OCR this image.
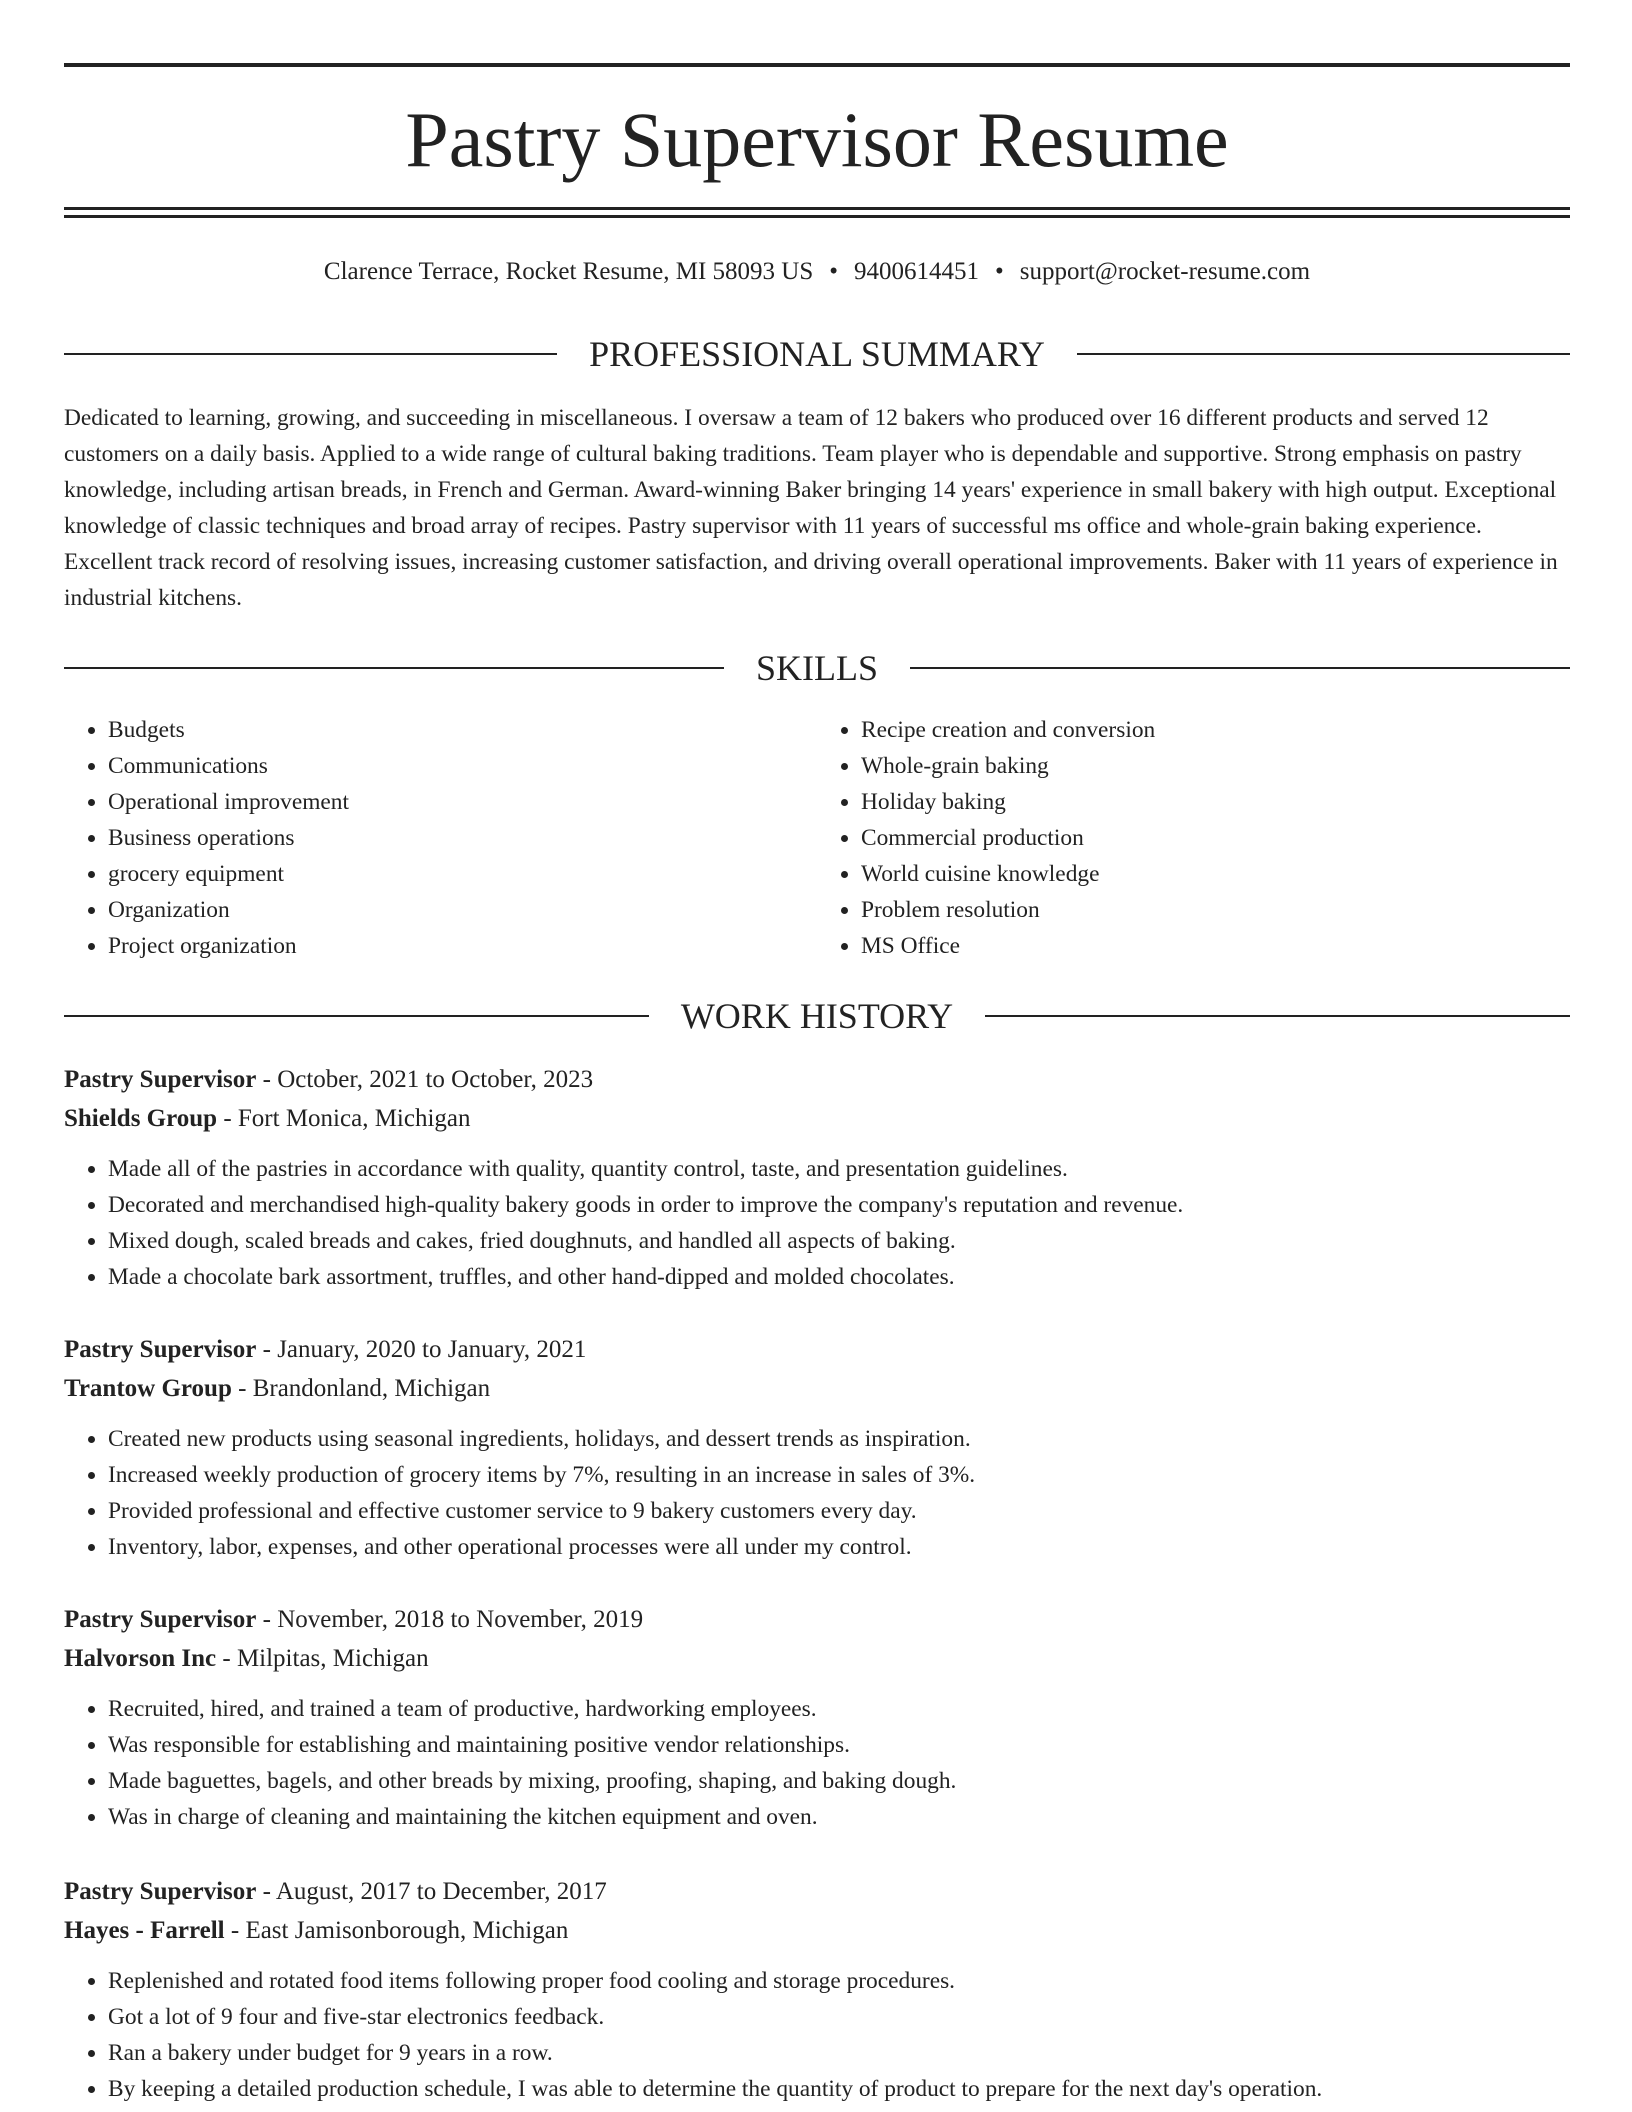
Pastry Supervisor Resume
Clarence Terrace, Rocket Resume, MI 58093 US • 9400614451 • support@rocket-resume.com
PROFESSIONAL SUMMARY

Dedicated to learning, growing, and succeeding in miscellaneous. I oversaw a team of 12 bakers who produced over 16 different products and served 12 customers on a daily basis. Applied to a wide range of cultural baking traditions. Team player who is dependable and supportive. Strong emphasis on pastry knowledge, including artisan breads, in French and German. Award-winning Baker bringing 14 years' experience in small bakery with high output. Exceptional knowledge of classic techniques and broad array of recipes. Pastry supervisor with 11 years of successful ms office and whole-grain baking experience. Excellent track record of resolving issues, increasing customer satisfaction, and driving overall operational improvements. Baker with 11 years of experience in industrial kitchens.

SKILLS
• Budgets
• Communications
• Operational improvement
• Business operations
• grocery equipment
• Organization
• Project organization
• Recipe creation and conversion
• Whole-grain baking
• Holiday baking
• Commercial production
• World cuisine knowledge
• Problem resolution
• MS Office
WORK HISTORY
Pastry Supervisor - October, 2021 to October, 2023
Shields Group - Fort Monica, Michigan
• Made all of the pastries in accordance with quality, quantity control, taste, and presentation guidelines.
• Decorated and merchandised high-quality bakery goods in order to improve the company's reputation and revenue.
• Mixed dough, scaled breads and cakes, fried doughnuts, and handled all aspects of baking.
• Made a chocolate bark assortment, truffles, and other hand-dipped and molded chocolates.
Pastry Supervisor - January, 2020 to January, 2021
Trantow Group - Brandonland, Michigan
• Created new products using seasonal ingredients, holidays, and dessert trends as inspiration.
• Increased weekly production of grocery items by 7%, resulting in an increase in sales of 3%.
• Provided professional and effective customer service to 9 bakery customers every day.
• Inventory, labor, expenses, and other operational processes were all under my control.
Pastry Supervisor - November, 2018 to November, 2019
Halvorson Inc - Milpitas, Michigan
• Recruited, hired, and trained a team of productive, hardworking employees.
• Was responsible for establishing and maintaining positive vendor relationships.
• Made baguettes, bagels, and other breads by mixing, proofing, shaping, and baking dough.
• Was in charge of cleaning and maintaining the kitchen equipment and oven.
Pastry Supervisor - August, 2017 to December, 2017
Hayes - Farrell - East Jamisonborough, Michigan
• Replenished and rotated food items following proper food cooling and storage procedures.
• Got a lot of 9 four and five-star electronics feedback.
• Ran a bakery under budget for 9 years in a row.
• By keeping a detailed production schedule, I was able to determine the quantity of product to prepare for the next day's operation.
